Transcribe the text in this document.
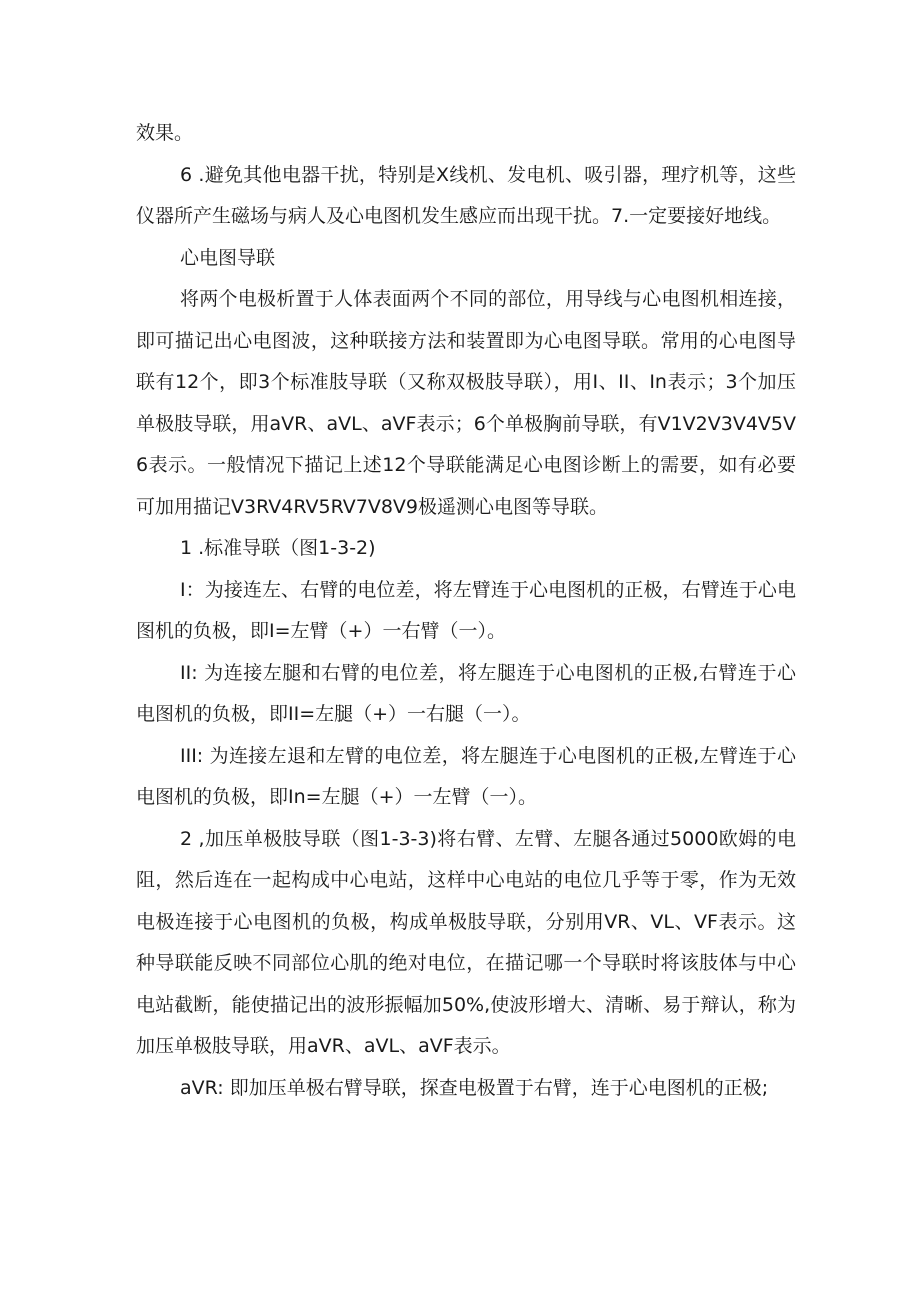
效果。

6 .避免其他电器干扰，特别是X线机、发电机、吸引器，理疗机等，这些仪器所产生磁场与病人及心电图机发生感应而出现干扰。7.一定要接好地线。

心电图导联

将两个电极析置于人体表面两个不同的部位，用导线与心电图机相连接，即可描记出心电图波，这种联接方法和装置即为心电图导联。常用的心电图导联有12个，即3个标准肢导联（又称双极肢导联），用I、II、In表示；3个加压单极肢导联，用aVR、aVL、aVF表示；6个单极胸前导联，有V1V2V3V4V5V6表示。一般情况下描记上述12个导联能满足心电图诊断上的需要，如有必要可加用描记V3RV4RV5RV7V8V9极遥测心电图等导联。

1 .标准导联（图1-3-2)

I：为接连左、右臂的电位差，将左臂连于心电图机的正极，右臂连于心电图机的负极，即I=左臂（+）一右臂（一）。

II: 为连接左腿和右臂的电位差，将左腿连于心电图机的正极,右臂连于心电图机的负极，即II=左腿（+）一右腿（一）。

III: 为连接左退和左臂的电位差，将左腿连于心电图机的正极,左臂连于心电图机的负极，即In=左腿（+）一左臂（一）。

2 ,加压单极肢导联（图1-3-3)将右臂、左臂、左腿各通过5000欧姆的电阻，然后连在一起构成中心电站，这样中心电站的电位几乎等于零，作为无效电极连接于心电图机的负极，构成单极肢导联，分别用VR、VL、VF表示。这种导联能反映不同部位心肌的绝对电位，在描记哪一个导联时将该肢体与中心电站截断，能使描记出的波形振幅加50%,使波形增大、清晰、易于辩认，称为加压单极肢导联，用aVR、aVL、aVF表示。

aVR: 即加压单极右臂导联，探查电极置于右臂，连于心电图机的正极;
